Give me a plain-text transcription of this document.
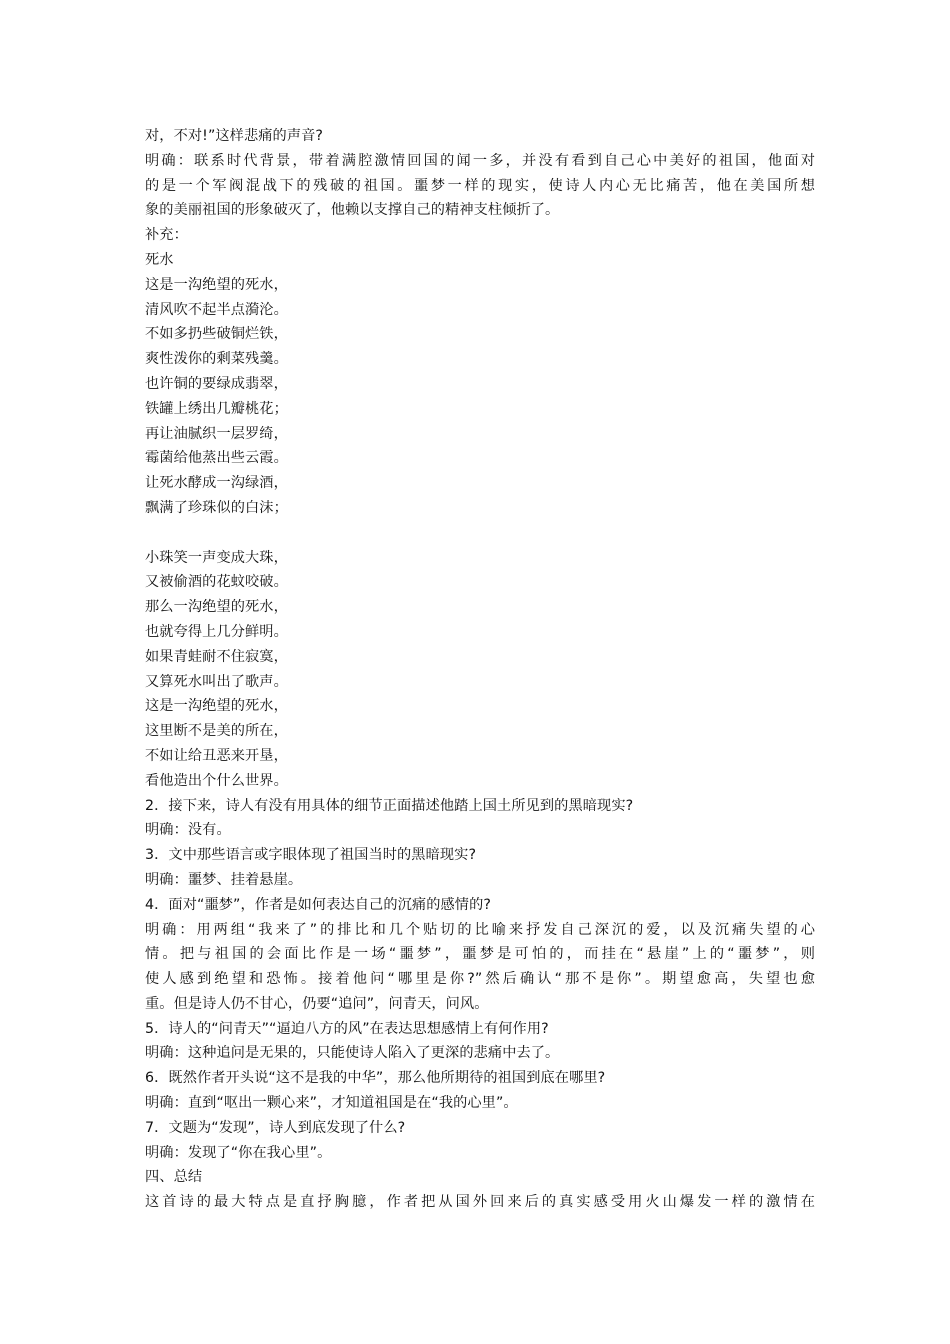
对，不对!”这样悲痛的声音?
明确：联系时代背景，带着满腔激情回国的闻一多，并没有看到自己心中美好的祖国，他面对
的是一个军阀混战下的残破的祖国。噩梦一样的现实，使诗人内心无比痛苦，他在美国所想
象的美丽祖国的形象破灭了，他赖以支撑自己的精神支柱倾折了。
补充：
死水
这是一沟绝望的死水，
清风吹不起半点漪沦。
不如多扔些破铜烂铁，
爽性泼你的剩菜残羹。
也许铜的要绿成翡翠，
铁罐上绣出几瓣桃花；
再让油腻织一层罗绮，
霉菌给他蒸出些云霞。
让死水酵成一沟绿酒，
飘满了珍珠似的白沫；
小珠笑一声变成大珠，
又被偷酒的花蚊咬破。
那么一沟绝望的死水，
也就夸得上几分鲜明。
如果青蛙耐不住寂寞，
又算死水叫出了歌声。
这是一沟绝望的死水，
这里断不是美的所在，
不如让给丑恶来开垦，
看他造出个什么世界。
2．接下来，诗人有没有用具体的细节正面描述他踏上国土所见到的黑暗现实?
明确：没有。
3．文中那些语言或字眼体现了祖国当时的黑暗现实?
明确：噩梦、挂着悬崖。
4．面对“噩梦”，作者是如何表达自己的沉痛的感情的?
明确：用两组“我来了”的排比和几个贴切的比喻来抒发自己深沉的爱，以及沉痛失望的心
情。把与祖国的会面比作是一场“噩梦”，噩梦是可怕的，而挂在“悬崖”上的“噩梦”，则
使人感到绝望和恐怖。接着他问“哪里是你?”然后确认“那不是你”。期望愈高，失望也愈
重。但是诗人仍不甘心，仍要“追问”，问青天，问风。
5．诗人的“问青天”“逼迫八方的风”在表达思想感情上有何作用?
明确：这种追问是无果的，只能使诗人陷入了更深的悲痛中去了。
6．既然作者开头说“这不是我的中华”，那么他所期待的祖国到底在哪里?
明确：直到“呕出一颗心来”，才知道祖国是在“我的心里”。
7．文题为“发现”，诗人到底发现了什么?
明确：发现了“你在我心里”。
四、总结
这首诗的最大特点是直抒胸臆，作者把从国外回来后的真实感受用火山爆发一样的激情在
